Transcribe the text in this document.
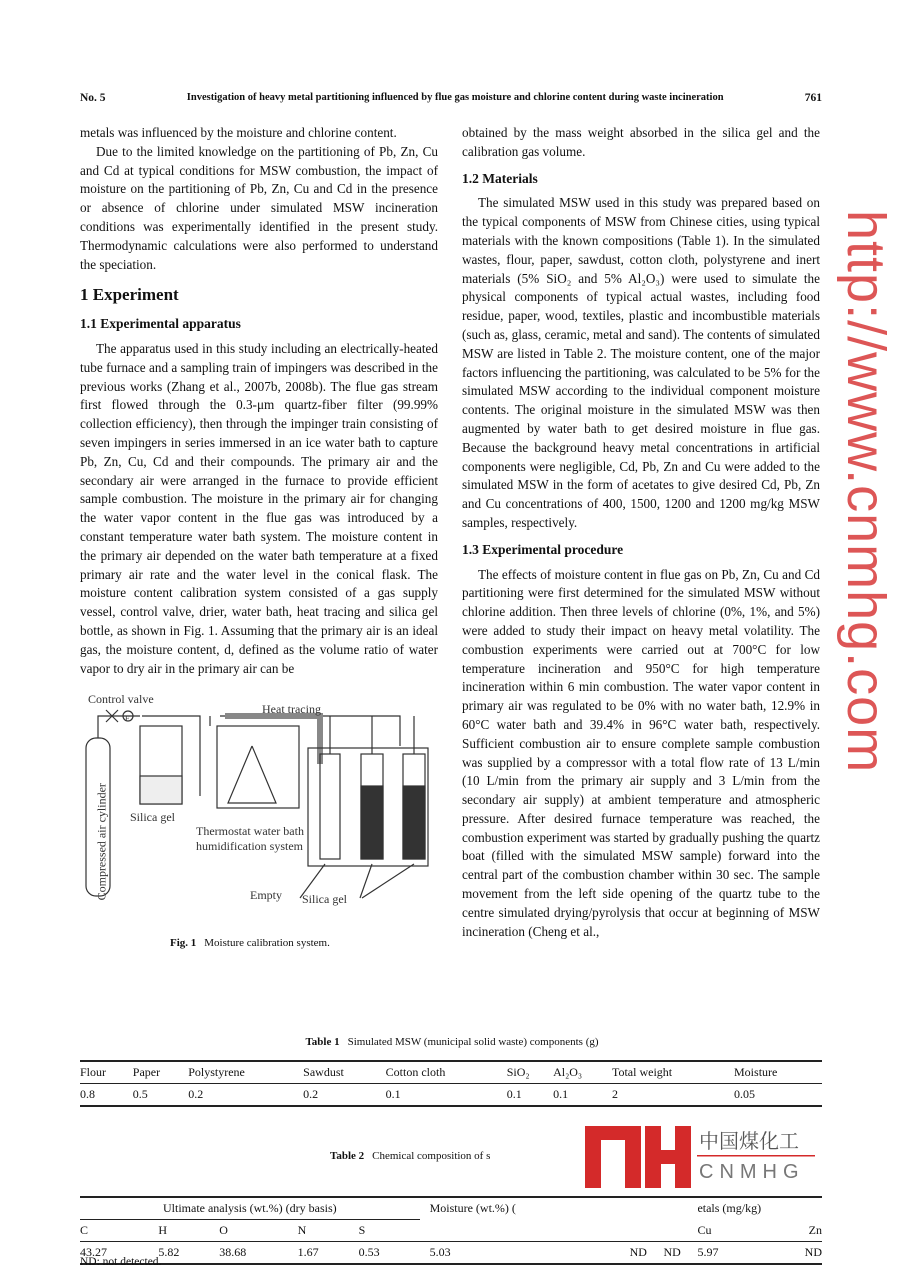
No. 5	Investigation of heavy metal partitioning influenced by flue gas moisture and chlorine content during waste incineration	761

metals was influenced by the moisture and chlorine content.

Due to the limited knowledge on the partitioning of Pb, Zn, Cu and Cd at typical conditions for MSW combustion, the impact of moisture on the partitioning of Pb, Zn, Cu and Cd in the presence or absence of chlorine under simulated MSW incineration conditions was experimentally identified in the present study. Thermodynamic calculations were also performed to understand the speciation.

1 Experiment
1.1 Experimental apparatus

The apparatus used in this study including an electrically-heated tube furnace and a sampling train of impingers was described in the previous works (Zhang et al., 2007b, 2008b). The flue gas stream first flowed through the 0.3-μm quartz-fiber filter (99.99% collection efficiency), then through the impinger train consisting of seven impingers in series immersed in an ice water bath to capture Pb, Zn, Cu, Cd and their compounds. The primary air and the secondary air were arranged in the furnace to provide efficient sample combustion. The moisture in the primary air for changing the water vapor content in the flue gas was introduced by a constant temperature water bath system. The moisture content in the primary air depended on the water bath temperature at a fixed primary air rate and the water level in the conical flask. The moisture content calibration system consisted of a gas supply vessel, control valve, drier, water bath, heat tracing and silica gel bottle, as shown in Fig. 1. Assuming that the primary air is an ideal gas, the moisture content, d, defined as the volume ratio of water vapor to dry air in the primary air can be

Control valve
Heat tracing
F
Compressed air cylinder Silica gel
Thermostat water bath
humidification system
Empty Silica gel
Fig. 1 Moisture calibration system.

obtained by the mass weight absorbed in the silica gel and the calibration gas volume.

1.2 Materials

The simulated MSW used in this study was prepared based on the typical components of MSW from Chinese cities, using typical materials with the known compositions (Table 1). In the simulated wastes, flour, paper, sawdust, cotton cloth, polystyrene and inert materials (5% SiO₂ and 5% Al₂O₃) were used to simulate the physical components of typical actual wastes, including food residue, paper, wood, textiles, plastic and incombustible materials (such as, glass, ceramic, metal and sand). The contents of simulated MSW are listed in Table 2. The moisture content, one of the major factors influencing the partitioning, was calculated to be 5% for the simulated MSW according to the individual component moisture contents. The original moisture in the simulated MSW was then augmented by water bath to get desired moisture in flue gas. Because the background heavy metal concentrations in artificial components were negligible, Cd, Pb, Zn and Cu were added to the simulated MSW in the form of acetates to give desired Cd, Pb, Zn and Cu concentrations of 400, 1500, 1200 and 1200 mg/kg MSW samples, respectively.

1.3 Experimental procedure

The effects of moisture content in flue gas on Pb, Zn, Cu and Cd partitioning were first determined for the simulated MSW without chlorine addition. Then three levels of chlorine (0%, 1%, and 5%) were added to study their impact on heavy metal volatility. The combustion experiments were carried out at 700°C for low temperature incineration and 950°C for high temperature incineration within 6 min combustion. The water vapor content in primary air was regulated to be 0% with no water bath, 12.9% in 60°C water bath and 39.4% in 96°C water bath, respectively. Sufficient combustion air to ensure complete sample combustion was supplied by a compressor with a total flow rate of 13 L/min (10 L/min from the primary air supply and 3 L/min from the secondary air supply) at ambient temperature and atmospheric pressure. After desired furnace temperature was reached, the combustion experiment was started by gradually pushing the quartz boat (filled with the simulated MSW sample) forward into the central part of the combustion chamber within 30 sec. The sample movement from the left side opening of the quartz tube to the centre simulated drying/pyrolysis that occur at beginning of MSW incineration (Cheng et al.,

Table 1 Simulated MSW (municipal solid waste) components (g)
Flour	Paper	Polystyrene	Sawdust	Cotton cloth	SiO₂	Al₂O₃	Total weight	Moisture
0.8	0.5	0.2	0.2	0.1	0.1	0.1	2	0.05
Table 2 Chemical composition of s
Ultimate analysis (wt.%) (dry basis)					Moisture (wt.%) (			etals (mg/kg)	
C	H	O	N	S				Cu	Zn
43.27	5.82	38.68	1.67	0.53	5.03	ND	ND	5.97	ND
ND: not detected.
中国煤化工
CNMHG
http://www.cnmhg.com
